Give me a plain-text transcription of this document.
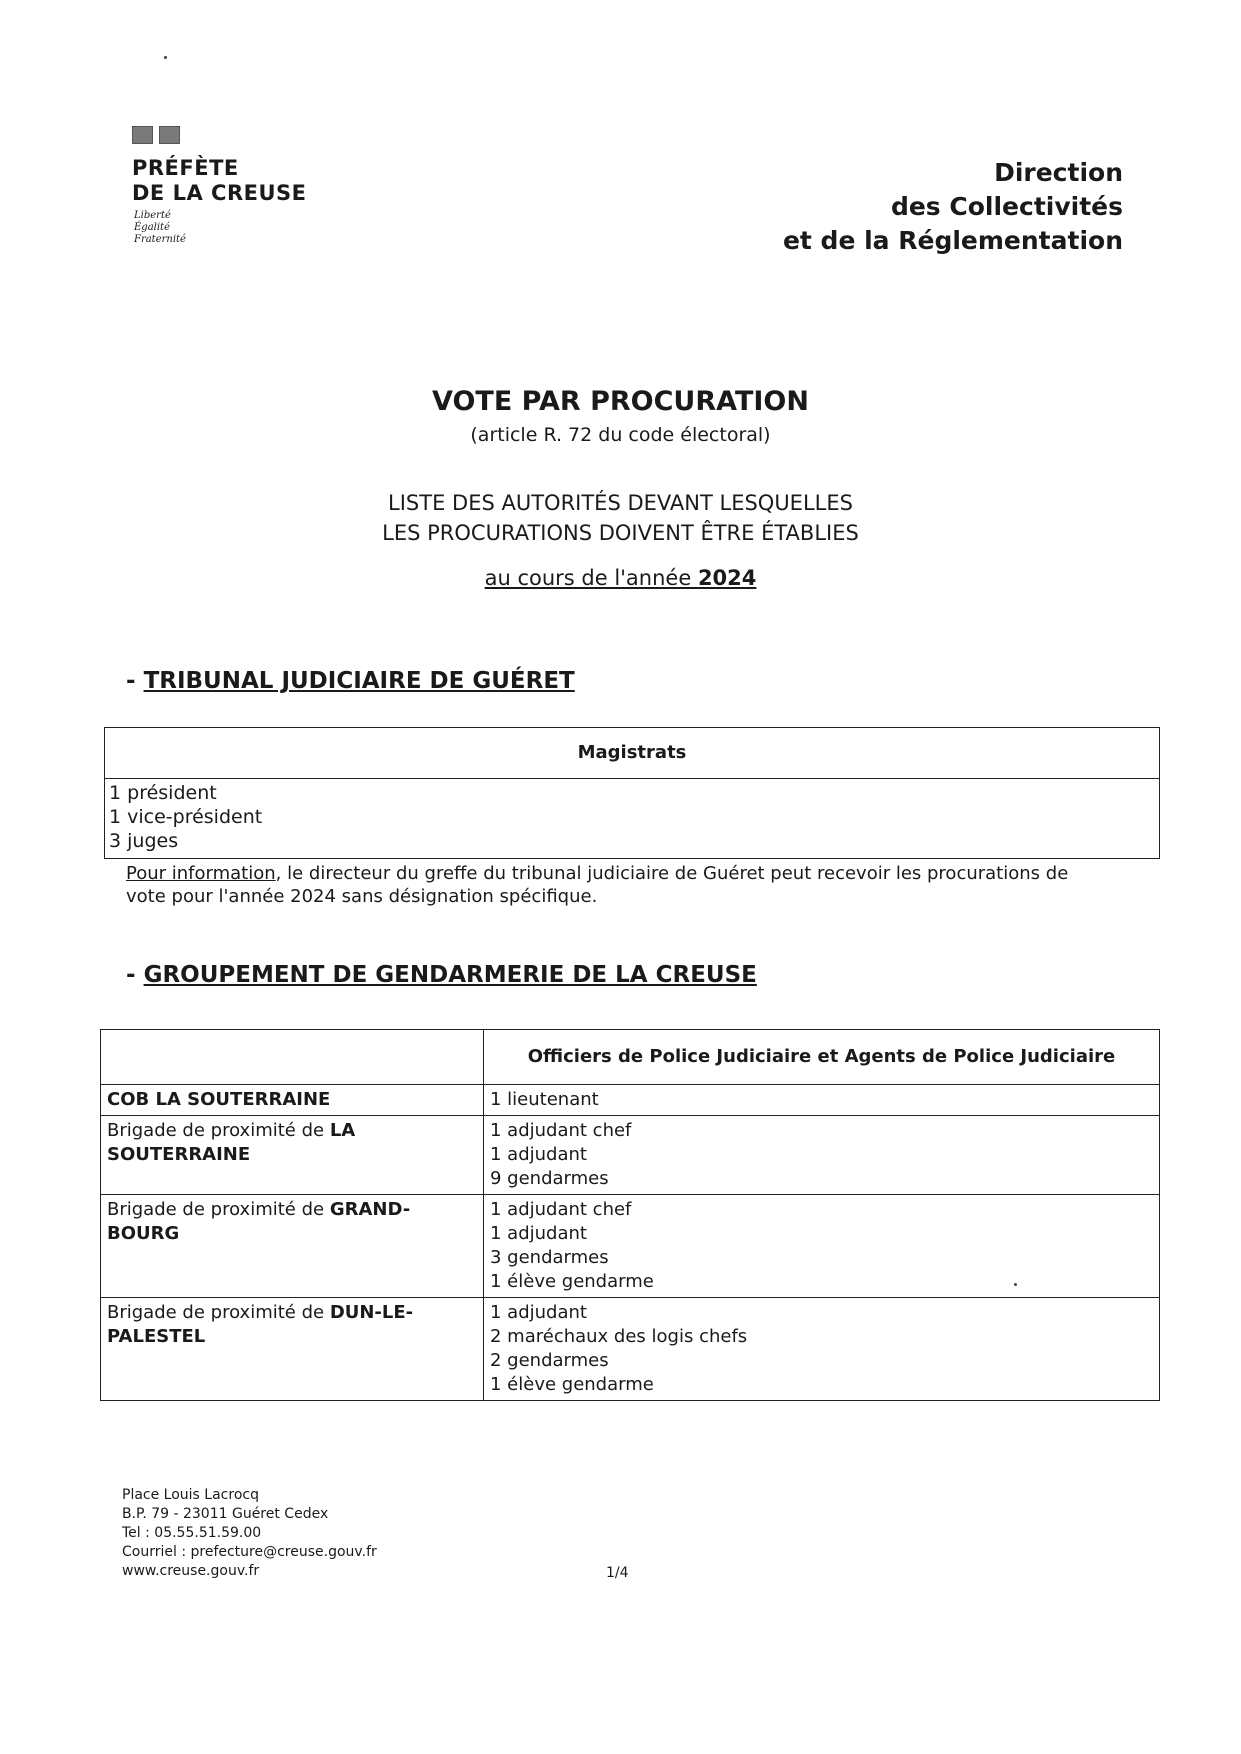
PRÉFÈTE
DE LA CREUSE
Liberté
Égalité
Fraternité
Direction
des Collectivités
et de la Réglementation
VOTE PAR PROCURATION
(article R. 72 du code électoral)
LISTE DES AUTORITÉS DEVANT LESQUELLES
LES PROCURATIONS DOIVENT ÊTRE ÉTABLIES
au cours de l'année 2024
- TRIBUNAL JUDICIAIRE DE GUÉRET
Magistrats
1 président
1 vice-président
3 juges
Pour information, le directeur du greffe du tribunal judiciaire de Guéret peut recevoir les procurations de vote pour l'année 2024 sans désignation spécifique.
- GROUPEMENT DE GENDARMERIE DE LA CREUSE
	Officiers de Police Judiciaire et Agents de Police Judiciaire
COB LA SOUTERRAINE	1 lieutenant

Brigade de proximité de LA SOUTERRAINE	1 adjudant chef
1 adjudant
9 gendarmes

Brigade de proximité de GRAND-BOURG	1 adjudant chef
1 adjudant
3 gendarmes
1 élève gendarme

Brigade de proximité de DUN-LE-PALESTEL	1 adjudant
2 maréchaux des logis chefs
2 gendarmes
1 élève gendarme
Place Louis Lacrocq
B.P. 79 - 23011 Guéret Cedex
Tel : 05.55.51.59.00
Courriel : prefecture@creuse.gouv.fr
www.creuse.gouv.fr	1/4
